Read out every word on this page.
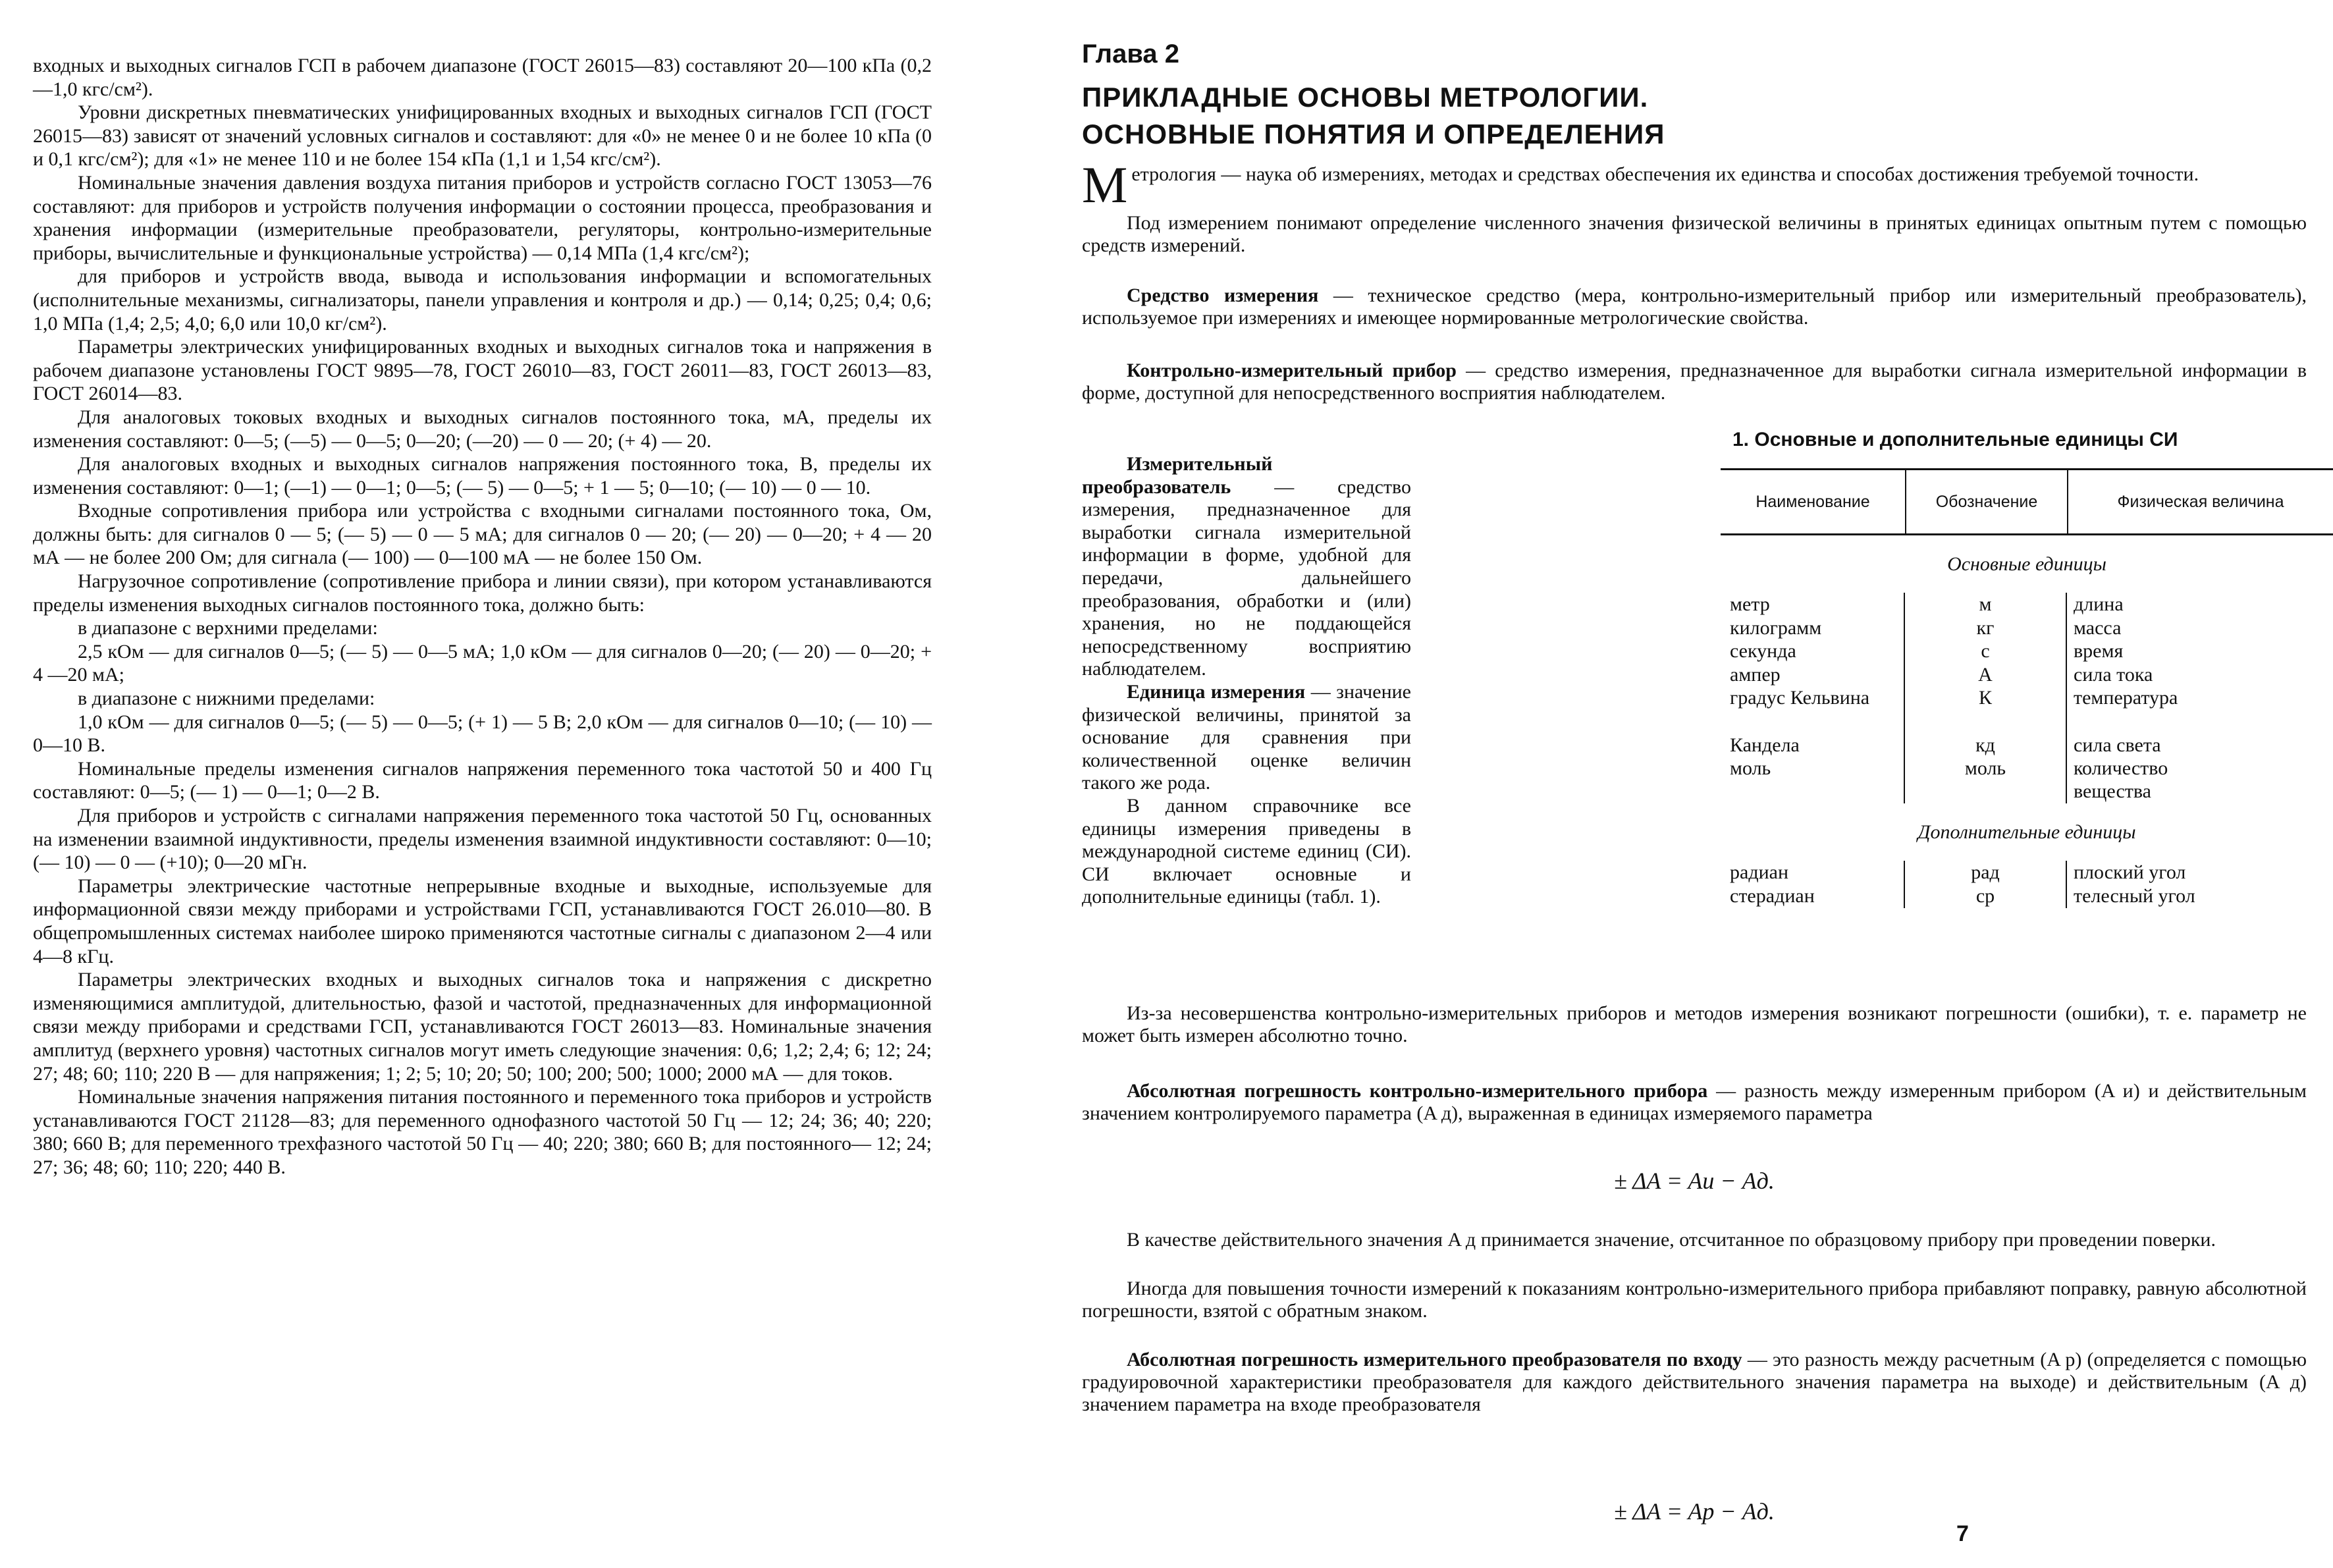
входных и выходных сигналов ГСП в рабочем диапазоне (ГОСТ 26015—83) составляют 20—100 кПа (0,2—1,0 кгс/см²).

Уровни дискретных пневматических унифицированных входных и выходных сигналов ГСП (ГОСТ 26015—83) зависят от значений условных сигналов и составляют: для «0» не менее 0 и не более 10 кПа (0 и 0,1 кгс/см²); для «1» не менее 110 и не более 154 кПа (1,1 и 1,54 кгс/см²).

Номинальные значения давления воздуха питания приборов и устройств согласно ГОСТ 13053—76 составляют: для приборов и устройств получения информации о состоянии процесса, преобразования и хранения информации (измерительные преобразователи, регуляторы, контрольно-измерительные приборы, вычислительные и функциональные устройства) — 0,14 МПа (1,4 кгс/см²);

для приборов и устройств ввода, вывода и использования информации и вспомогательных (исполнительные механизмы, сигнализаторы, панели управления и контроля и др.) — 0,14; 0,25; 0,4; 0,6; 1,0 МПа (1,4; 2,5; 4,0; 6,0 или 10,0 кг/см²).

Параметры электрических унифицированных входных и выходных сигналов тока и напряжения в рабочем диапазоне установлены ГОСТ 9895—78, ГОСТ 26010—83, ГОСТ 26011—83, ГОСТ 26013—83, ГОСТ 26014—83.

Для аналоговых токовых входных и выходных сигналов постоянного тока, мА, пределы их изменения составляют: 0—5; (—5) — 0—5; 0—20; (—20) — 0 — 20; (+ 4) — 20.

Для аналоговых входных и выходных сигналов напряжения постоянного тока, В, пределы их изменения составляют: 0—1; (—1) — 0—1; 0—5; (— 5) — 0—5; + 1 — 5; 0—10; (— 10) — 0 — 10.

Входные сопротивления прибора или устройства с входными сигналами постоянного тока, Ом, должны быть: для сигналов 0 — 5; (— 5) — 0 — 5 мА; для сигналов 0 — 20; (— 20) — 0—20; + 4 — 20 мА — не более 200 Ом; для сигнала (— 100) — 0—100 мА — не более 150 Ом.

Нагрузочное сопротивление (сопротивление прибора и линии связи), при котором устанавливаются пределы изменения выходных сигналов постоянного тока, должно быть:

в диапазоне с верхними пределами:

2,5 кОм — для сигналов 0—5; (— 5) — 0—5 мА; 1,0 кОм — для сигналов 0—20; (— 20) — 0—20; + 4 —20 мА;

в диапазоне с нижними пределами:

1,0 кОм — для сигналов 0—5; (— 5) — 0—5; (+ 1) — 5 В; 2,0 кОм — для сигналов 0—10; (— 10) — 0—10 В.

Номинальные пределы изменения сигналов напряжения переменного тока частотой 50 и 400 Гц составляют: 0—5; (— 1) — 0—1; 0—2 В.

Для приборов и устройств с сигналами напряжения переменного тока частотой 50 Гц, основанных на изменении взаимной индуктивности, пределы изменения взаимной индуктивности составляют: 0—10; (— 10) — 0 — (+10); 0—20 мГн.

Параметры электрические частотные непрерывные входные и выходные, используемые для информационной связи между приборами и устройствами ГСП, устанавливаются ГОСТ 26.010—80. В общепромышленных системах наиболее широко применяются частотные сигналы с диапазоном 2—4 или 4—8 кГц.

Параметры электрических входных и выходных сигналов тока и напряжения с дискретно изменяющимися амплитудой, длительностью, фазой и частотой, предназначенных для информационной связи между приборами и средствами ГСП, устанавливаются ГОСТ 26013—83. Номинальные значения амплитуд (верхнего уровня) частотных сигналов могут иметь следующие значения: 0,6; 1,2; 2,4; 6; 12; 24; 27; 48; 60; 110; 220 В — для напряжения; 1; 2; 5; 10; 20; 50; 100; 200; 500; 1000; 2000 мА — для токов.

Номинальные значения напряжения питания постоянного и переменного тока приборов и устройств устанавливаются ГОСТ 21128—83; для переменного однофазного частотой 50 Гц — 12; 24; 36; 40; 220; 380; 660 В; для переменного трехфазного частотой 50 Гц — 40; 220; 380; 660 В; для постоянного— 12; 24; 27; 36; 48; 60; 110; 220; 440 В.

Глава 2
ПРИКЛАДНЫЕ ОСНОВЫ МЕТРОЛОГИИ.
ОСНОВНЫЕ ПОНЯТИЯ И ОПРЕДЕЛЕНИЯ
Метрология — наука об измерениях, методах и средствах обеспечения их единства и способах достижения требуемой точности.
Под измерением понимают определение численного значения физической величины в принятых единицах опытным путем с помощью средств измерений.
Средство измерения — техническое средство (мера, контрольно-измерительный прибор или измерительный преобразователь), используемое при измерениях и имеющее нормированные метрологические свойства.
Контрольно-измерительный прибор — средство измерения, предназначенное для выработки сигнала измерительной информации в форме, доступной для непосредственного восприятия наблюдателем.
Измерительный преобразователь — средство измерения, предназначенное для выработки сигнала измерительной информации в форме, удобной для передачи, дальнейшего преобразования, обработки и (или) хранения, но не поддающейся непосредственному восприятию наблюдателем.
Единица измерения — значение физической величины, принятой за основание для сравнения при количественной оценке величин такого же рода.
В данном справочнике все единицы измерения приведены в международной системе единиц (СИ). СИ включает основные и дополнительные единицы (табл. 1).
1. Основные и дополнительные единицы СИ
Наименование	Обозначение	Физическая величина
Основные единицы
метр
килограмм
секунда
ампер
градус Кельвина
Кандела
моль
м
кг
с
А
К
кд
моль
длина
масса
время
сила тока
температура
сила света
количество вещества
Дополнительные единицы
радиан
стерадиан
рад
ср
плоский угол
телесный угол
Из-за несовершенства контрольно-измерительных приборов и методов измерения возникают погрешности (ошибки), т. е. параметр не может быть измерен абсолютно точно.
Абсолютная погрешность контрольно-измерительного прибора — разность между измеренным прибором (A и) и действительным значением контролируемого параметра (A д), выраженная в единицах измеряемого параметра
± ΔA = Aи − Aд.
В качестве действительного значения A д принимается значение, отсчитанное по образцовому прибору при проведении поверки.
Иногда для повышения точности измерений к показаниям контрольно-измерительного прибора прибавляют поправку, равную абсолютной погрешности, взятой с обратным знаком.
Абсолютная погрешность измерительного преобразователя по входу — это разность между расчетным (A р) (определяется с помощью градуировочной характеристики преобразователя для каждого действительного значения параметра на выходе) и действительным (A д) значением параметра на входе преобразователя
± ΔA = Aр − Aд.
7
